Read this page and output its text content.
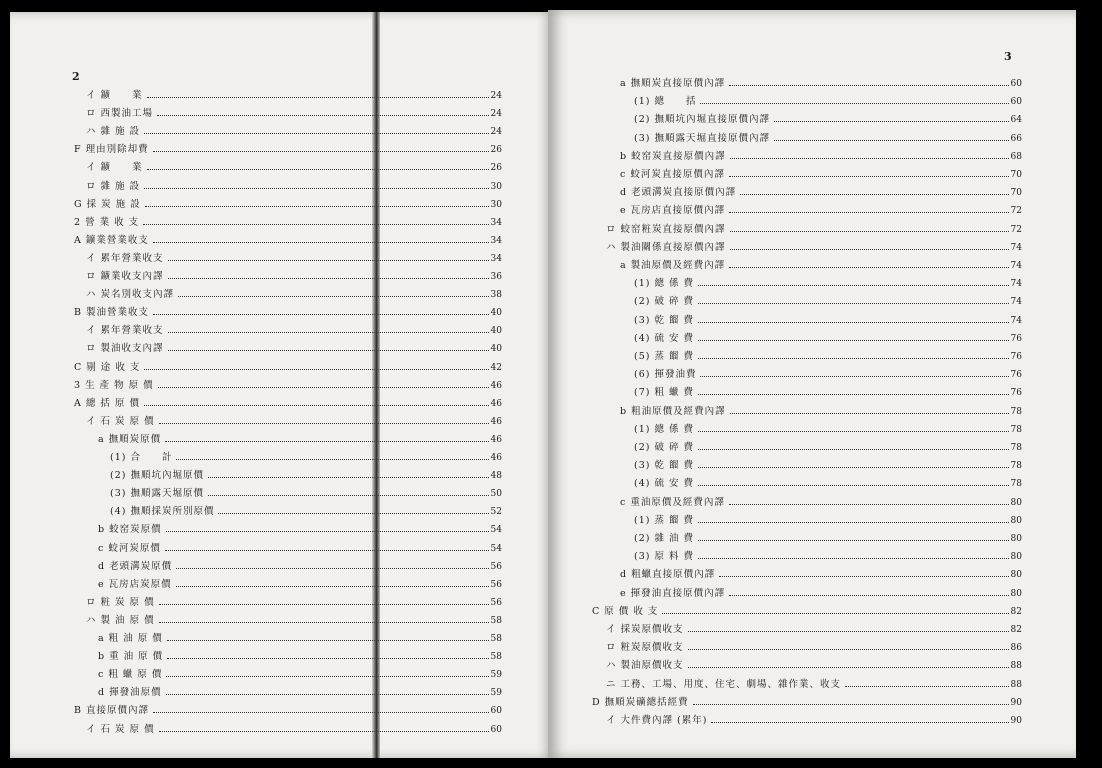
2
イ 鑛　　業	24
ロ 西製油工場	24
ハ 雜 施 設	24
F 理由別除却費	26
イ 鑛　　業	26
ロ 雜 施 設	30
G 採 炭 施 設	30
2 營 業 收 支	34
A 鑛業營業收支	34
イ 累年營業收支	34
ロ 鑛業收支內譯	36
ハ 炭名別收支內譯	38
B 製油營業收支	40
イ 累年營業收支	40
ロ 製油收支內譯	40
C 剔 途 收 支	42
3 生 產 物 原 價	46
A 總 括 原 價	46
イ 石 炭 原 價	46
a 撫順炭原價	46
(1) 合　　計	46
(2) 撫順坑內堀原價	48
(3) 撫順露天堀原價	50
(4) 撫順採炭所別原價	52
b 蛟窑炭原價	54
c 蛟河炭原價	54
d 老頭溝炭原價	56
e 瓦房店炭原價	56
ロ 粧 炭 原 價	56
ハ 製 油 原 價	58
a 粗 油 原 價	58
b 重 油 原 價	58
c 粗 蠟 原 價	59
d 揮發油原價	59
B 直接原價內譯	60
イ 石 炭 原 價	60
3
a 撫順炭直接原價內譯	60
(1) 總　　括	60
(2) 撫順坑內堀直接原價內譯	64
(3) 撫順露天堀直接原價內譯	66
b 蛟窑炭直接原價內譯	68
c 蛟河炭直接原價內譯	70
d 老頭溝炭直接原價內譯	70
e 瓦房店直接原價內譯	72
ロ 蛟窑粧炭直接原價內譯	72
ハ 製油關係直接原價內譯	74
a 製油原價及經費內譯	74
(1) 總 係 費	74
(2) 破 碎 費	74
(3) 乾 餾 費	74
(4) 硫 安 費	76
(5) 蒸 餾 費	76
(6) 揮發油費	76
(7) 粗 蠟 費	76
b 粗油原價及經費內譯	78
(1) 總 係 費	78
(2) 破 碎 費	78
(3) 乾 餾 費	78
(4) 硫 安 費	78
c 重油原價及經費內譯	80
(1) 蒸 餾 費	80
(2) 雜 油 費	80
(3) 原 料 費	80
d 粗蠟直接原價內譯	80
e 揮發油直接原價內譯	80
C 原 價 收 支	82
イ 採炭原價收支	82
ロ 粧炭原價收支	86
ハ 製油原價收支	88
ニ 工務、工場、用度、住宅、劇場、雜作業、收支	88
D 撫順炭礦總括經費	90
イ 大件費內譯 (累年)	90
